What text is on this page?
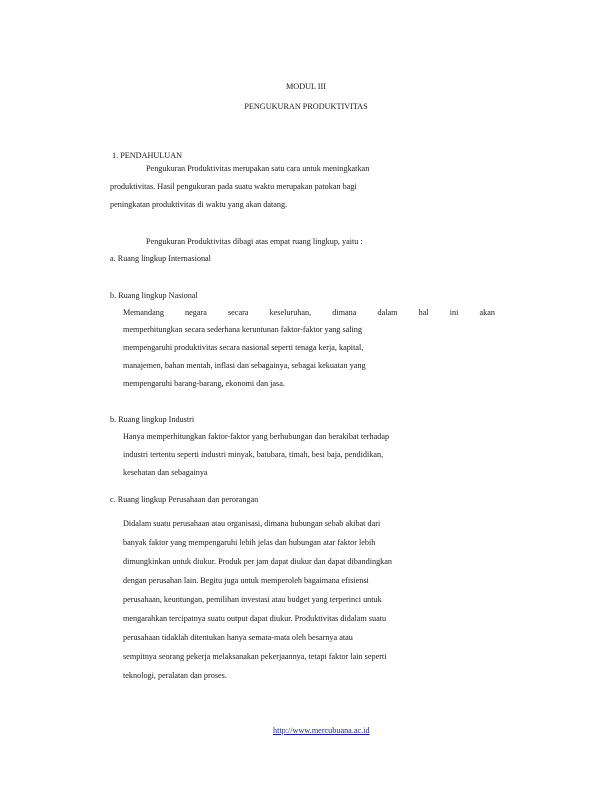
MODUL III
PENGUKURAN PRODUKTIVITAS
1. PENDAHULUAN
Pengukuran Produktivitas merupakan satu cara untuk meningkatkan
produktivitas. Hasil pengukuran pada suatu waktu merupakan patokan bagi
peningkatan produktivitas di waktu yang akan datang.
Pengukuran Produktivitas dibagi atas empat ruang lingkup, yaitu :
a. Ruang lingkup Internasional
b. Ruang lingkup Nasional
Memandang	negara	secara	keseluruhan,	dimana	dalam	hal	ini	akan
memperhitungkan secara sederhana keruntunan faktor-faktor yang saling
mempengaruhi produktivitas secara nasional seperti tenaga kerja, kapital,
manajemen, bahan mentah, inflasi dan sebagainya, sebagai kekuatan yang
mempengaruhi barang-barang, ekonomi dan jasa.
b. Ruang lingkup Industri
Hanya memperhitungkan faktor-faktor yang berhubungan dan berakibat terhadap
industri tertentu seperti industri minyak, batubara, timah, besi baja, pendidikan,
kesehatan dan sebagainya
c. Ruang lingkup Perusahaan dan perorangan
Didalam suatu perusahaan atau organisasi, dimana hubungan sebab akibat dari
banyak faktor yang mempengaruhi lebih jelas dan hubungan atar faktor lebih
dimungkinkan untuk diukur. Produk per jam dapat diukur dan dapat dibandingkan
dengan perusahan lain. Begitu juga untuk memperoleh bagaimana efisiensi
perusahaan, keuntungan, pemilihan investasi atau budget yang terperinci untuk
mengarahkan tercipatnya suatu output dapat diukur. Produktivitas didalam suatu
perusahaan tidaklah ditentukan hanya semata-mata oleh besarnya atau
sempitnya seorang pekerja melaksanakan pekerjaannya, tetapi faktor lain seperti
teknologi, peralatan dan proses.
http://www.mercubuana.ac.id
